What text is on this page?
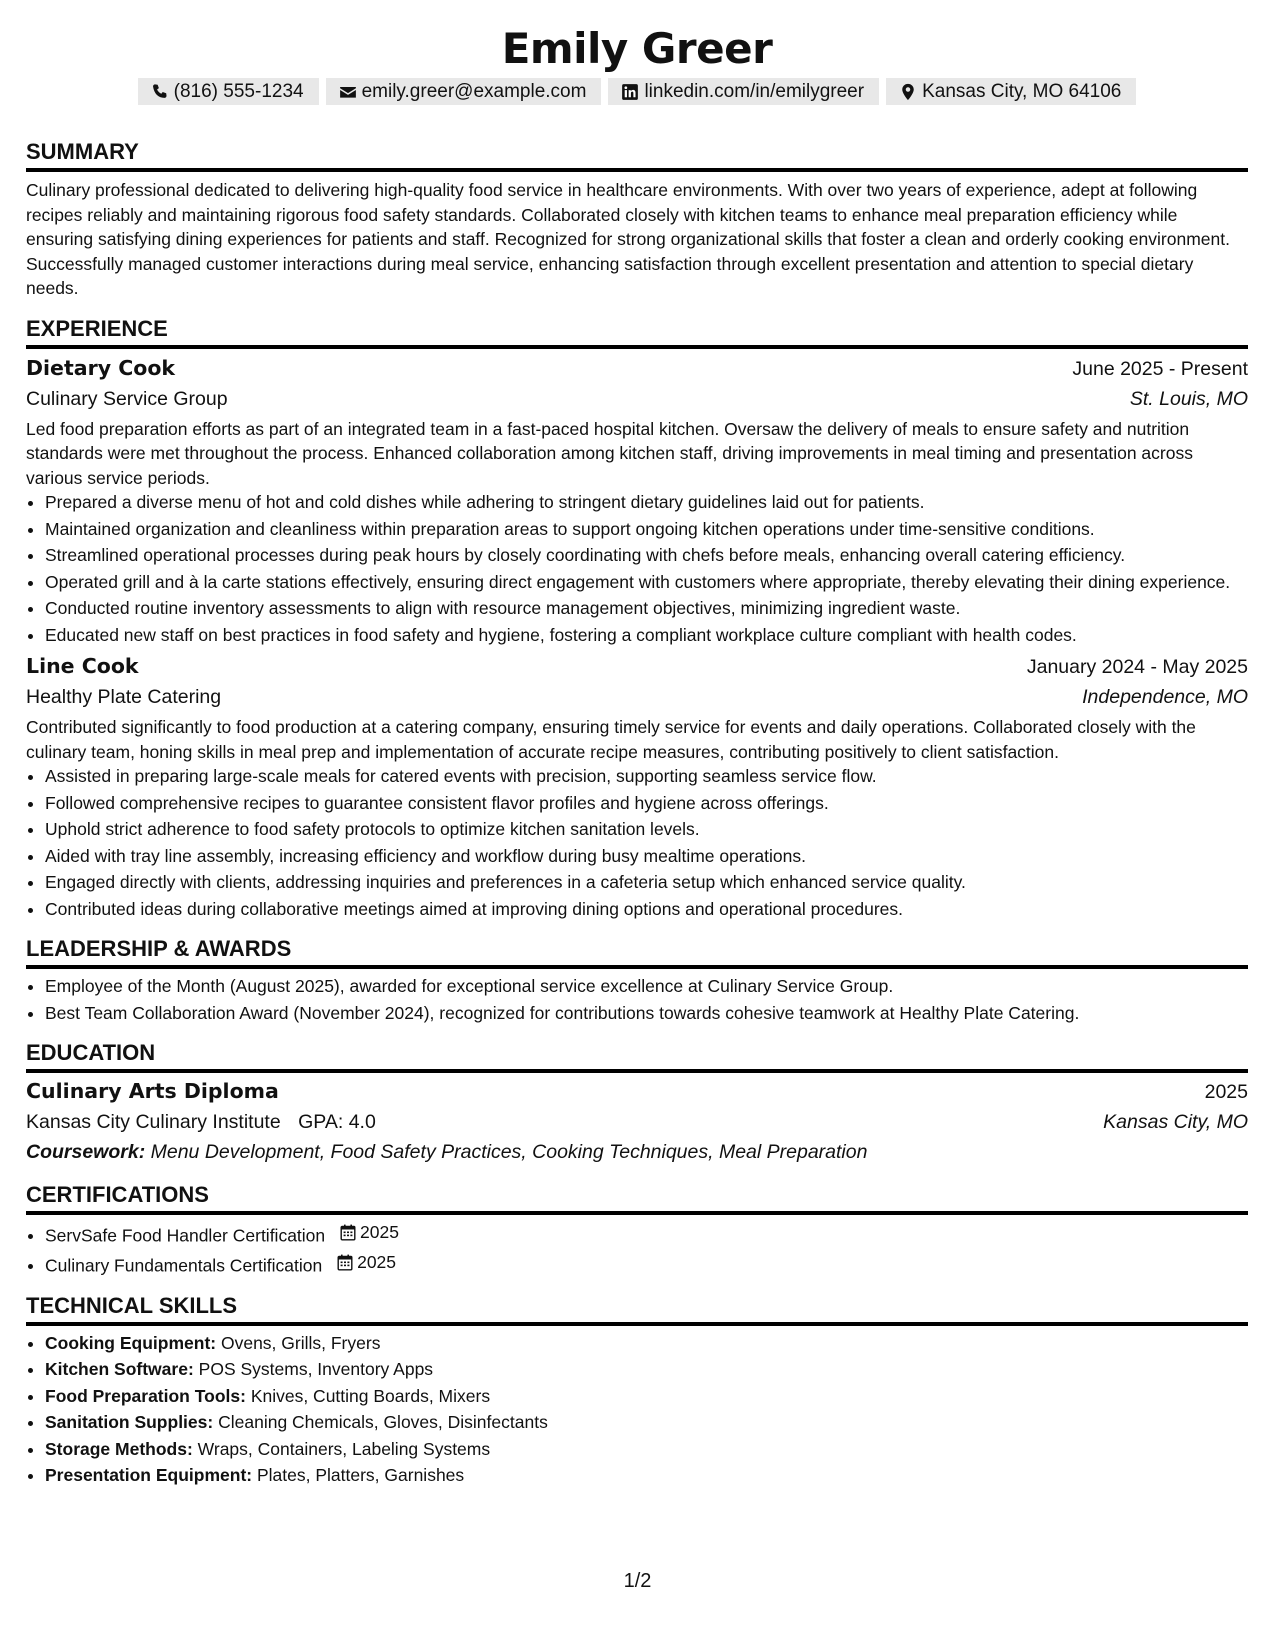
Emily Greer
(816) 555-1234	emily.greer@example.com	linkedin.com/in/emilygreer	Kansas City, MO 64106
SUMMARY

Culinary professional dedicated to delivering high-quality food service in healthcare environments. With over two years of experience, adept at following recipes reliably and maintaining rigorous food safety standards. Collaborated closely with kitchen teams to enhance meal preparation efficiency while ensuring satisfying dining experiences for patients and staff. Recognized for strong organizational skills that foster a clean and orderly cooking environment. Successfully managed customer interactions during meal service, enhancing satisfaction through excellent presentation and attention to special dietary needs.

EXPERIENCE
Dietary Cook	June 2025 - Present
Culinary Service Group	St. Louis, MO

Led food preparation efforts as part of an integrated team in a fast-paced hospital kitchen. Oversaw the delivery of meals to ensure safety and nutrition standards were met throughout the process. Enhanced collaboration among kitchen staff, driving improvements in meal timing and presentation across various service periods.

• Prepared a diverse menu of hot and cold dishes while adhering to stringent dietary guidelines laid out for patients.
• Maintained organization and cleanliness within preparation areas to support ongoing kitchen operations under time-sensitive conditions.
• Streamlined operational processes during peak hours by closely coordinating with chefs before meals, enhancing overall catering efficiency.
• Operated grill and à la carte stations effectively, ensuring direct engagement with customers where appropriate, thereby elevating their dining experience.
• Conducted routine inventory assessments to align with resource management objectives, minimizing ingredient waste.
• Educated new staff on best practices in food safety and hygiene, fostering a compliant workplace culture compliant with health codes.
Line Cook	January 2024 - May 2025
Healthy Plate Catering	Independence, MO

Contributed significantly to food production at a catering company, ensuring timely service for events and daily operations. Collaborated closely with the culinary team, honing skills in meal prep and implementation of accurate recipe measures, contributing positively to client satisfaction.

• Assisted in preparing large-scale meals for catered events with precision, supporting seamless service flow.
• Followed comprehensive recipes to guarantee consistent flavor profiles and hygiene across offerings.
• Uphold strict adherence to food safety protocols to optimize kitchen sanitation levels.
• Aided with tray line assembly, increasing efficiency and workflow during busy mealtime operations.
• Engaged directly with clients, addressing inquiries and preferences in a cafeteria setup which enhanced service quality.
• Contributed ideas during collaborative meetings aimed at improving dining options and operational procedures.
LEADERSHIP & AWARDS
• Employee of the Month (August 2025), awarded for exceptional service excellence at Culinary Service Group.
• Best Team Collaboration Award (November 2024), recognized for contributions towards cohesive teamwork at Healthy Plate Catering.
EDUCATION
Culinary Arts Diploma	2025
Kansas City Culinary Institute GPA: 4.0	Kansas City, MO
Coursework: Menu Development, Food Safety Practices, Cooking Techniques, Meal Preparation
CERTIFICATIONS
• ServSafe Food Handler Certification 2025
• Culinary Fundamentals Certification 2025
TECHNICAL SKILLS
• Cooking Equipment: Ovens, Grills, Fryers
• Kitchen Software: POS Systems, Inventory Apps
• Food Preparation Tools: Knives, Cutting Boards, Mixers
• Sanitation Supplies: Cleaning Chemicals, Gloves, Disinfectants
• Storage Methods: Wraps, Containers, Labeling Systems
• Presentation Equipment: Plates, Platters, Garnishes
1/2
